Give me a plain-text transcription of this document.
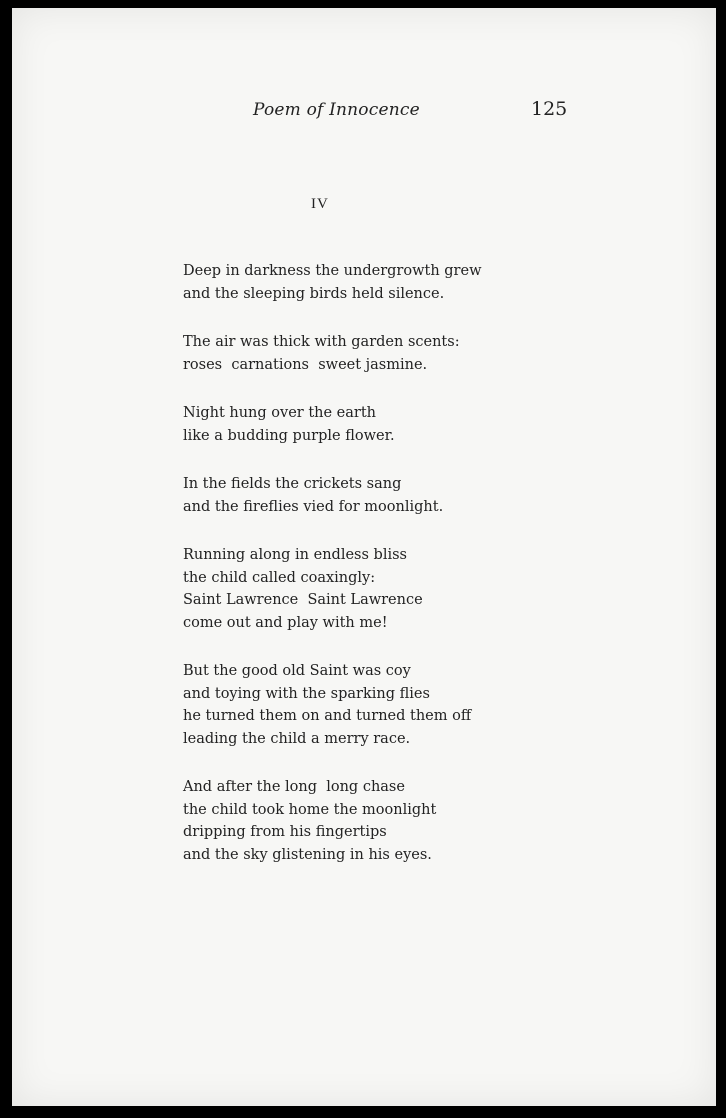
Poem of Innocence	125
IV
Deep in darkness the undergrowth grew
and the sleeping birds held silence.
The air was thick with garden scents:
roses  carnations  sweet jasmine.
Night hung over the earth
like a budding purple flower.
In the fields the crickets sang
and the fireflies vied for moonlight.
Running along in endless bliss
the child called coaxingly:
Saint Lawrence  Saint Lawrence
come out and play with me!
But the good old Saint was coy
and toying with the sparking flies
he turned them on and turned them off
leading the child a merry race.
And after the long  long chase
the child took home the moonlight
dripping from his fingertips
and the sky glistening in his eyes.
